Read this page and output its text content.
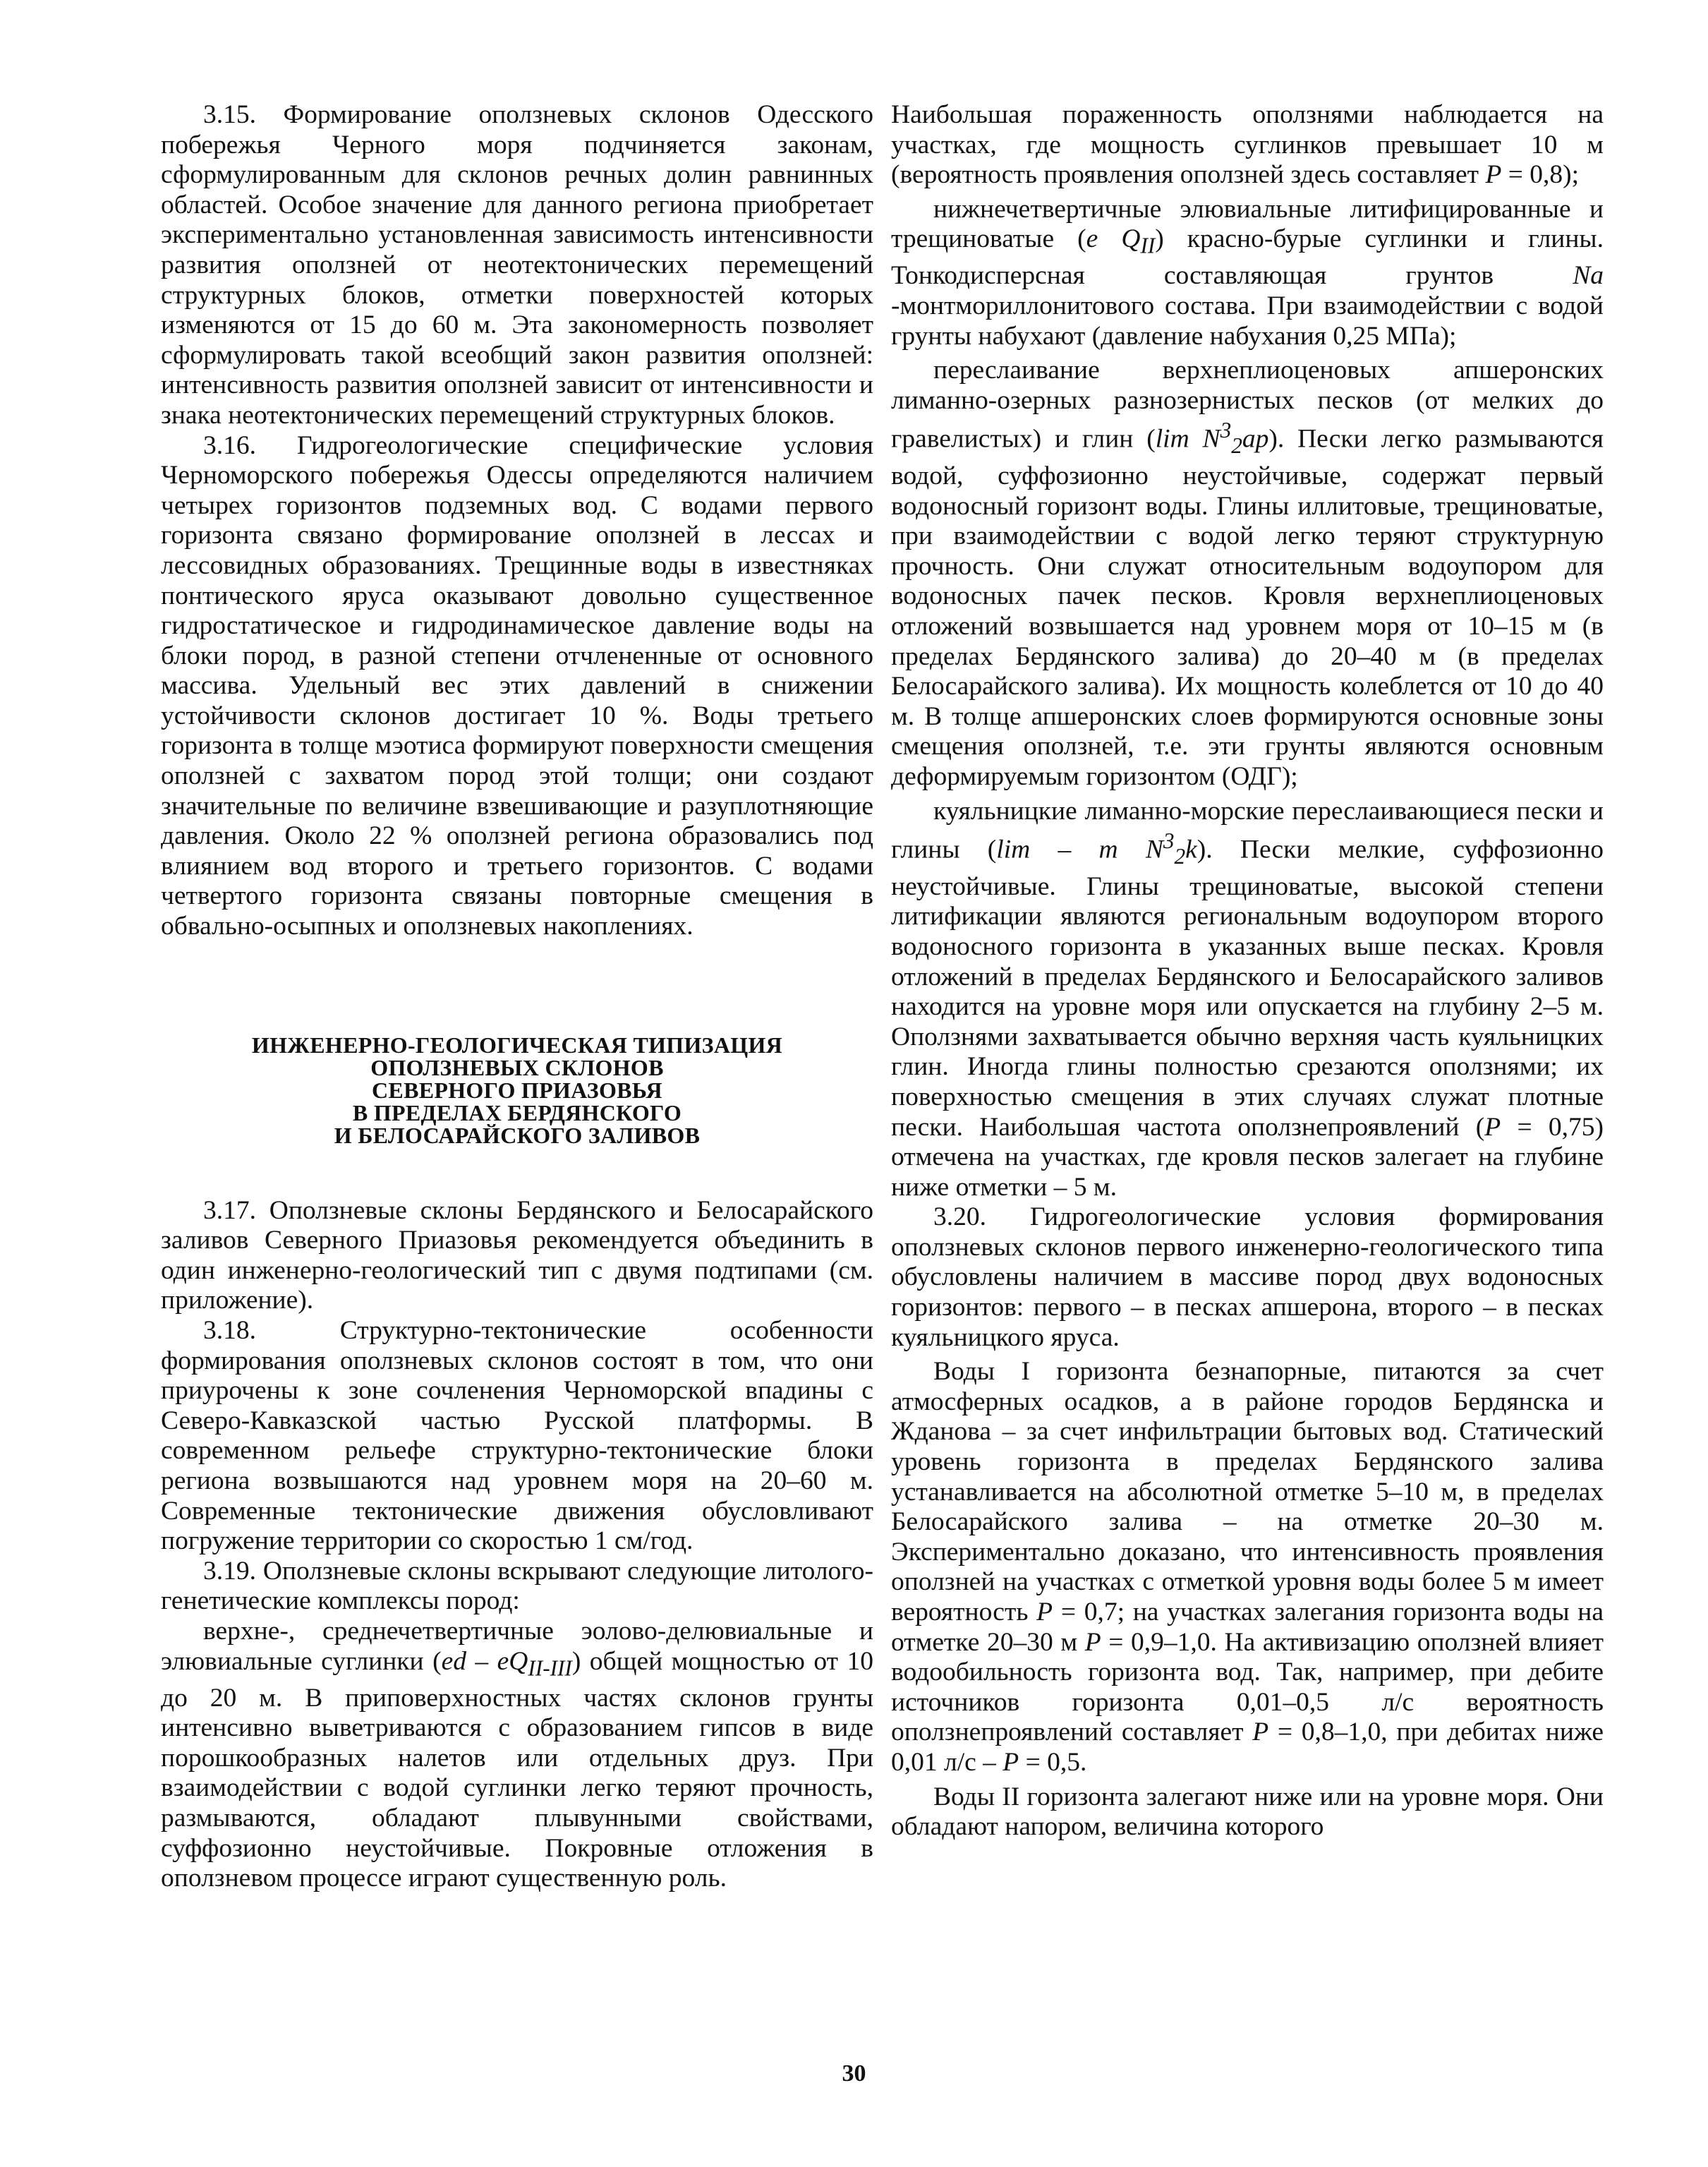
3.15. Формирование оползневых склонов Одесского побережья Черного моря подчиняется законам, сформулированным для склонов речных долин равнинных областей. Особое значение для данного региона приобретает экспериментально установленная зависимость интенсивности развития оползней от неотектонических перемещений структурных блоков, отметки поверхностей которых изменяются от 15 до 60 м. Эта закономерность позволяет сформулировать такой всеобщий закон развития оползней: интенсивность развития оползней зависит от интенсивности и знака неотектонических перемещений структурных блоков.

3.16. Гидрогеологические специфические условия Черноморского побережья Одессы определяются наличием четырех горизонтов подземных вод. С водами первого горизонта связано формирование оползней в лессах и лессовидных образованиях. Трещинные воды в известняках понтического яруса оказывают довольно существенное гидростатическое и гидродинамическое давление воды на блоки пород, в разной степени отчлененные от основного массива. Удельный вес этих давлений в снижении устойчивости склонов достигает 10 %. Воды третьего горизонта в толще мэотиса формируют поверхности смещения оползней с захватом пород этой толщи; они создают значительные по величине взвешивающие и разуплотняющие давления. Около 22 % оползней региона образовались под влиянием вод второго и третьего горизонтов. С водами четвертого горизонта связаны повторные смещения в обвально-осыпных и оползневых накоплениях.

ИНЖЕНЕРНО-ГЕОЛОГИЧЕСКАЯ ТИПИЗАЦИЯ
ОПОЛЗНЕВЫХ СКЛОНОВ
СЕВЕРНОГО ПРИАЗОВЬЯ
В ПРЕДЕЛАХ БЕРДЯНСКОГО
И БЕЛОСАРАЙСКОГО ЗАЛИВОВ

3.17. Оползневые склоны Бердянского и Белосарайского заливов Северного Приазовья рекомендуется объединить в один инженерно-геологический тип с двумя подтипами (см. приложение).

3.18. Структурно-тектонические особенности формирования оползневых склонов состоят в том, что они приурочены к зоне сочленения Черноморской впадины с Северо-Кавказской частью Русской платформы. В современном рельефе структурно-тектонические блоки региона возвышаются над уровнем моря на 20–60 м. Современные тектонические движения обусловливают погружение территории со скоростью 1 см/год.

3.19. Оползневые склоны вскрывают следующие литолого-генетические комплексы пород:

верхне-, среднечетвертичные эолово-делювиальные и элювиальные суглинки $(ed - eQ_{II-III})$ общей мощностью от 10 до 20 м. В приповерхностных частях склонов грунты интенсивно выветриваются с образованием гипсов в виде порошкообразных налетов или отдельных друз. При взаимодействии с водой суглинки легко теряют прочность, размываются, обладают плывунными свойствами, суффозионно неустойчивые. Покровные отложения в оползневом процессе играют существенную роль.

Наибольшая пораженность оползнями наблюдается на участках, где мощность суглинков превышает 10 м (вероятность проявления оползней здесь составляет P = 0,8);

нижнечетвертичные элювиальные литифицированные и трещиноватые (e $Q_{II}$) красно-бурые суглинки и глины. Тонкодисперсная составляющая грунтов Na -монтмориллонитового состава. При взаимодействии с водой грунты набухают (давление набухания 0,25 МПа);

переслаивание верхнеплиоценовых апшеронских лиманно-озерных разнозернистых песков (от мелких до гравелистых) и глин (lim $N^3_2ap$). Пески легко размываются водой, суффозионно неустойчивые, содержат первый водоносный горизонт воды. Глины иллитовые, трещиноватые, при взаимодействии с водой легко теряют структурную прочность. Они служат относительным водоупором для водоносных пачек песков. Кровля верхнеплиоценовых отложений возвышается над уровнем моря от 10–15 м (в пределах Бердянского залива) до 20–40 м (в пределах Белосарайского залива). Их мощность колеблется от 10 до 40 м. В толще апшеронских слоев формируются основные зоны смещения оползней, т.е. эти грунты являются основным деформируемым горизонтом (ОДГ);

куяльницкие лиманно-морские переслаивающиеся пески и глины (lim – m $N^3_2k$). Пески мелкие, суффозионно неустойчивые. Глины трещиноватые, высокой степени литификации являются региональным водоупором второго водоносного горизонта в указанных выше песках. Кровля отложений в пределах Бердянского и Белосарайского заливов находится на уровне моря или опускается на глубину 2–5 м. Оползнями захватывается обычно верхняя часть куяльницких глин. Иногда глины полностью срезаются оползнями; их поверхностью смещения в этих случаях служат плотные пески. Наибольшая частота оползнепроявлений (P = 0,75) отмечена на участках, где кровля песков залегает на глубине ниже отметки – 5 м.

3.20. Гидрогеологические условия формирования оползневых склонов первого инженерно-геологического типа обусловлены наличием в массиве пород двух водоносных горизонтов: первого – в песках апшерона, второго – в песках куяльницкого яруса.

Воды I горизонта безнапорные, питаются за счет атмосферных осадков, а в районе городов Бердянска и Жданова – за счет инфильтрации бытовых вод. Статический уровень горизонта в пределах Бердянского залива устанавливается на абсолютной отметке 5–10 м, в пределах Белосарайского залива – на отметке 20–30 м. Экспериментально доказано, что интенсивность проявления оползней на участках с отметкой уровня воды более 5 м имеет вероятность P = 0,7; на участках залегания горизонта воды на отметке 20–30 м P = 0,9–1,0. На активизацию оползней влияет водообильность горизонта вод. Так, например, при дебите источников горизонта 0,01–0,5 л/с вероятность оползнепроявлений составляет P = 0,8–1,0, при дебитах ниже 0,01 л/с – P = 0,5.

Воды II горизонта залегают ниже или на уровне моря. Они обладают напором, величина которого

30
